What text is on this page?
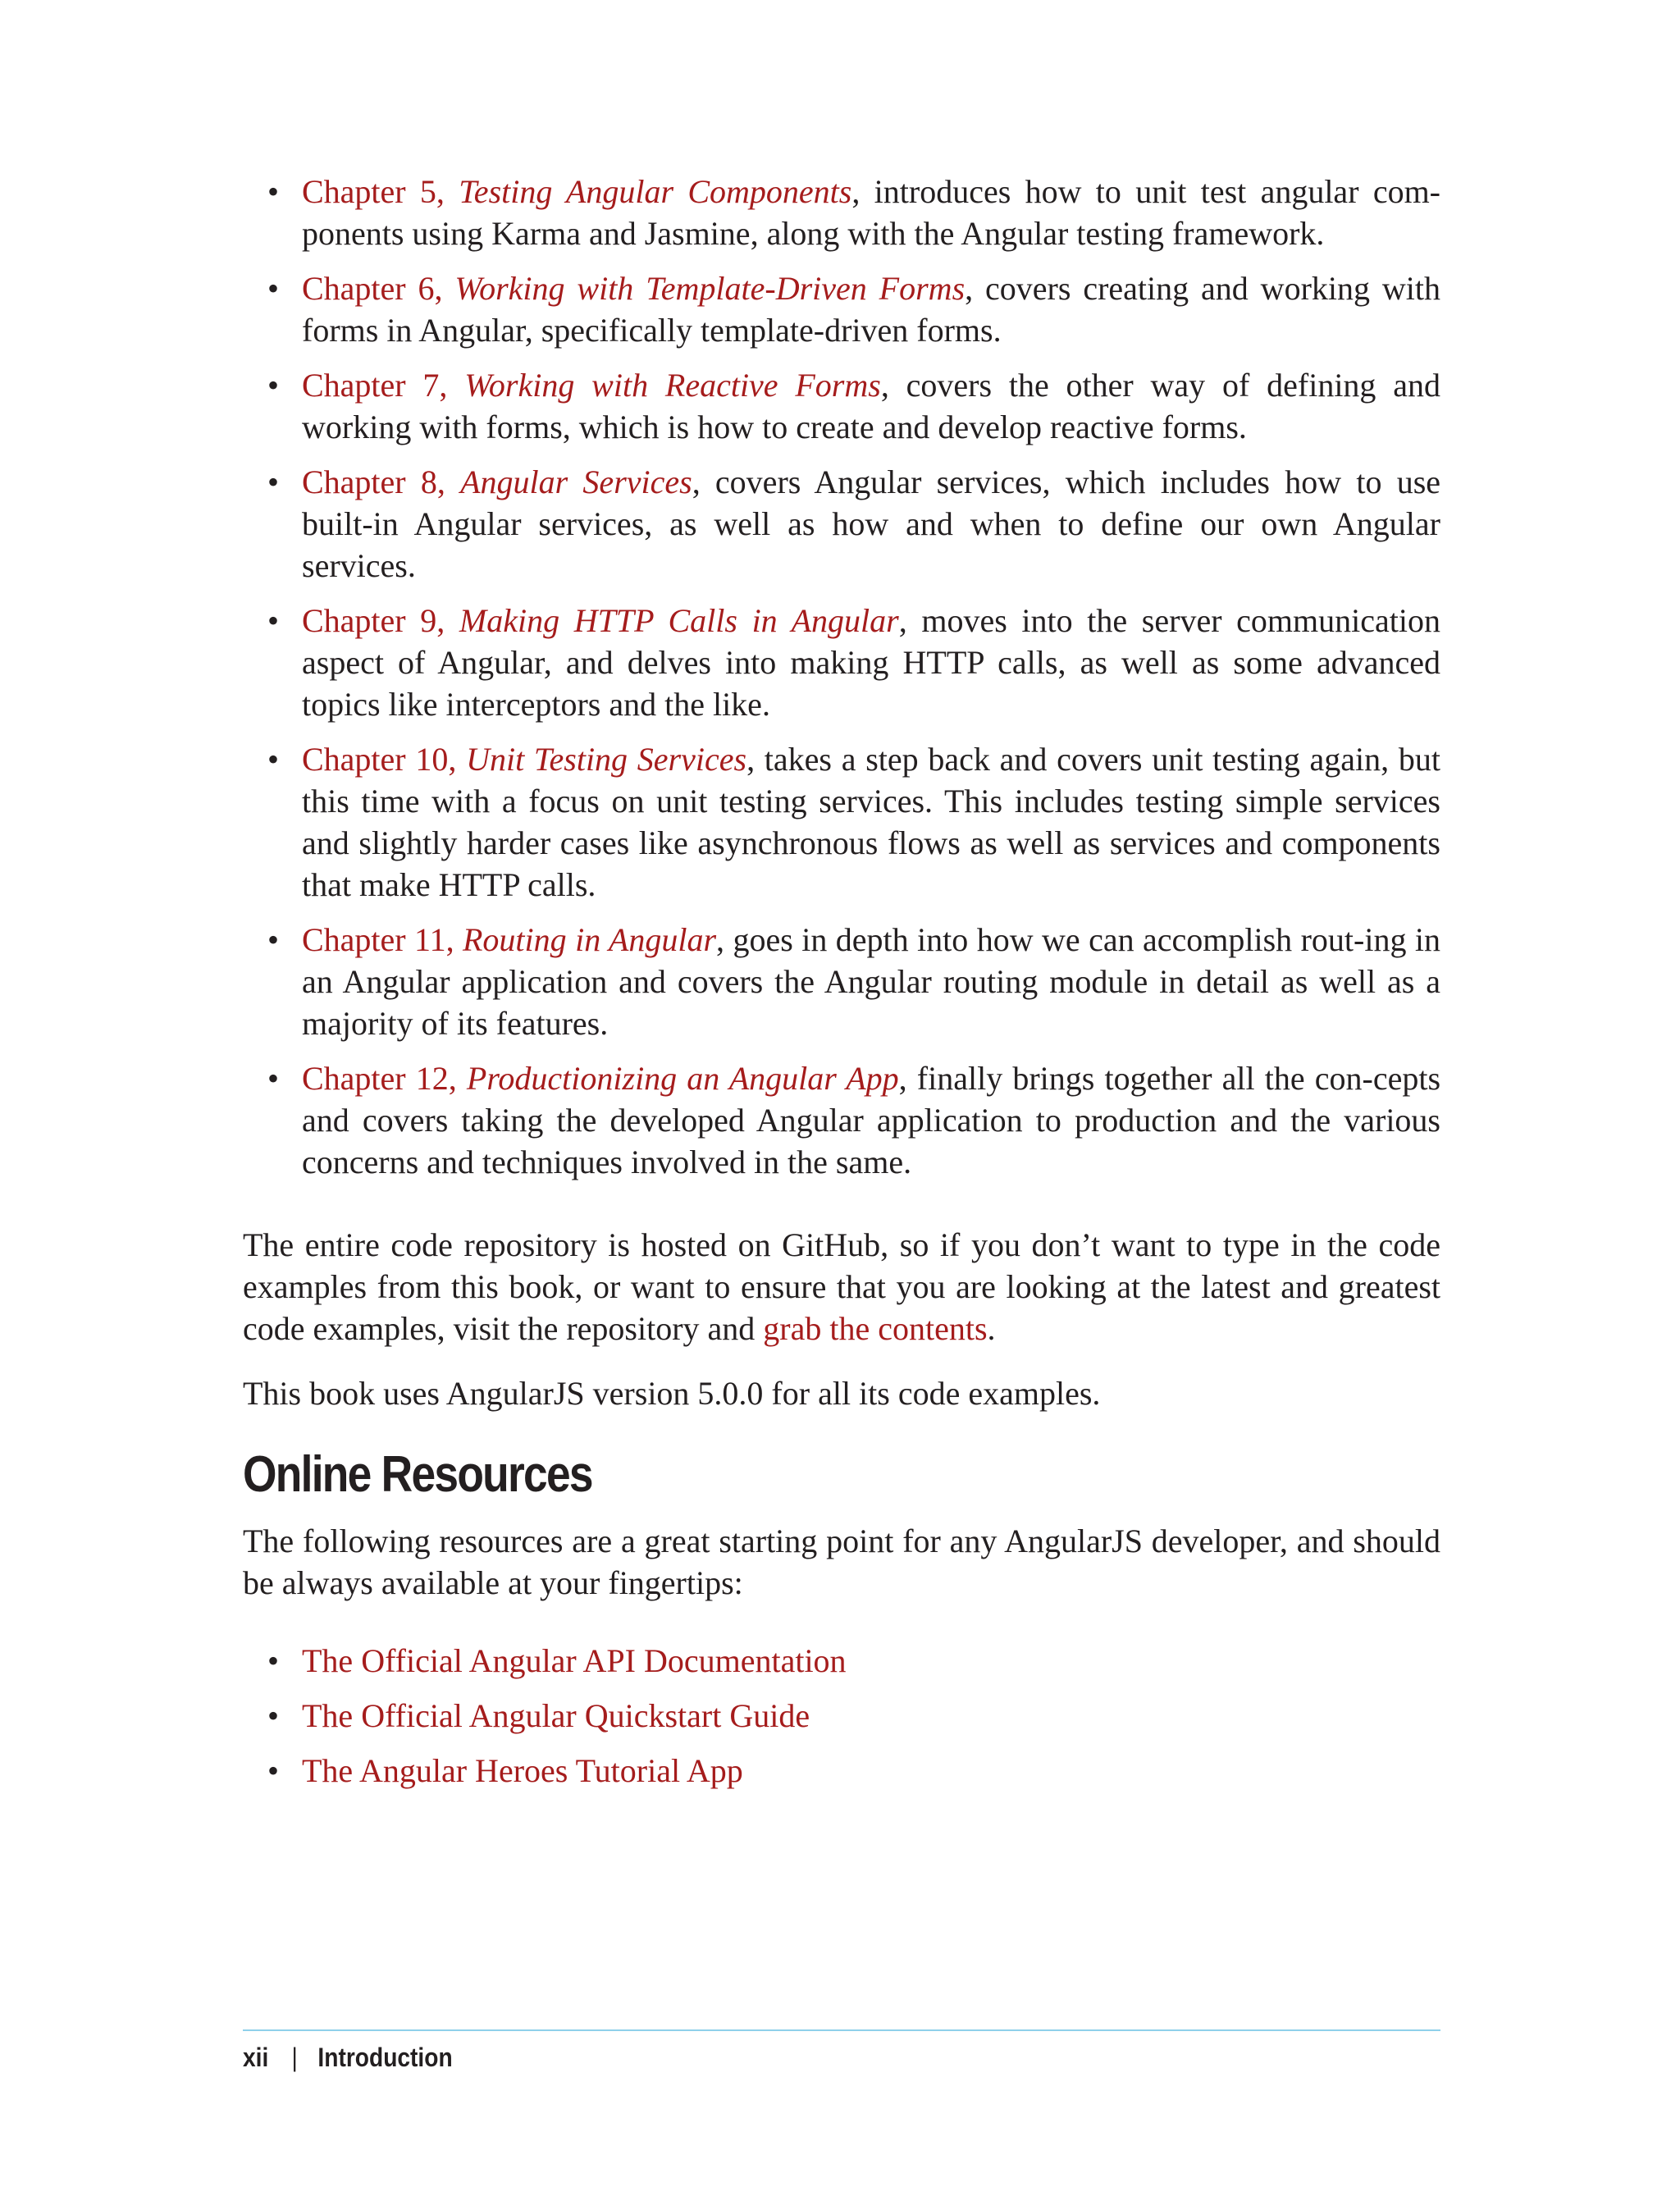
• Chapter 5, Testing Angular Components, introduces how to unit test angular com-ponents using Karma and Jasmine, along with the Angular testing framework.
• Chapter 6, Working with Template-Driven Forms, covers creating and working with forms in Angular, specifically template-driven forms.
• Chapter 7, Working with Reactive Forms, covers the other way of defining and working with forms, which is how to create and develop reactive forms.
• Chapter 8, Angular Services, covers Angular services, which includes how to use built-in Angular services, as well as how and when to define our own Angular services.
• Chapter 9, Making HTTP Calls in Angular, moves into the server communication aspect of Angular, and delves into making HTTP calls, as well as some advanced topics like interceptors and the like.
• Chapter 10, Unit Testing Services, takes a step back and covers unit testing again, but this time with a focus on unit testing services. This includes testing simple services and slightly harder cases like asynchronous flows as well as services and components that make HTTP calls.
• Chapter 11, Routing in Angular, goes in depth into how we can accomplish rout-ing in an Angular application and covers the Angular routing module in detail as well as a majority of its features.
• Chapter 12, Productionizing an Angular App, finally brings together all the con-cepts and covers taking the developed Angular application to production and the various concerns and techniques involved in the same.

The entire code repository is hosted on GitHub, so if you don’t want to type in the code examples from this book, or want to ensure that you are looking at the latest and greatest code examples, visit the repository and grab the contents.

This book uses AngularJS version 5.0.0 for all its code examples.

Online Resources

The following resources are a great starting point for any AngularJS developer, and should be always available at your fingertips:

• The Official Angular API Documentation
• The Official Angular Quickstart Guide
• The Angular Heroes Tutorial App
xii | Introduction
